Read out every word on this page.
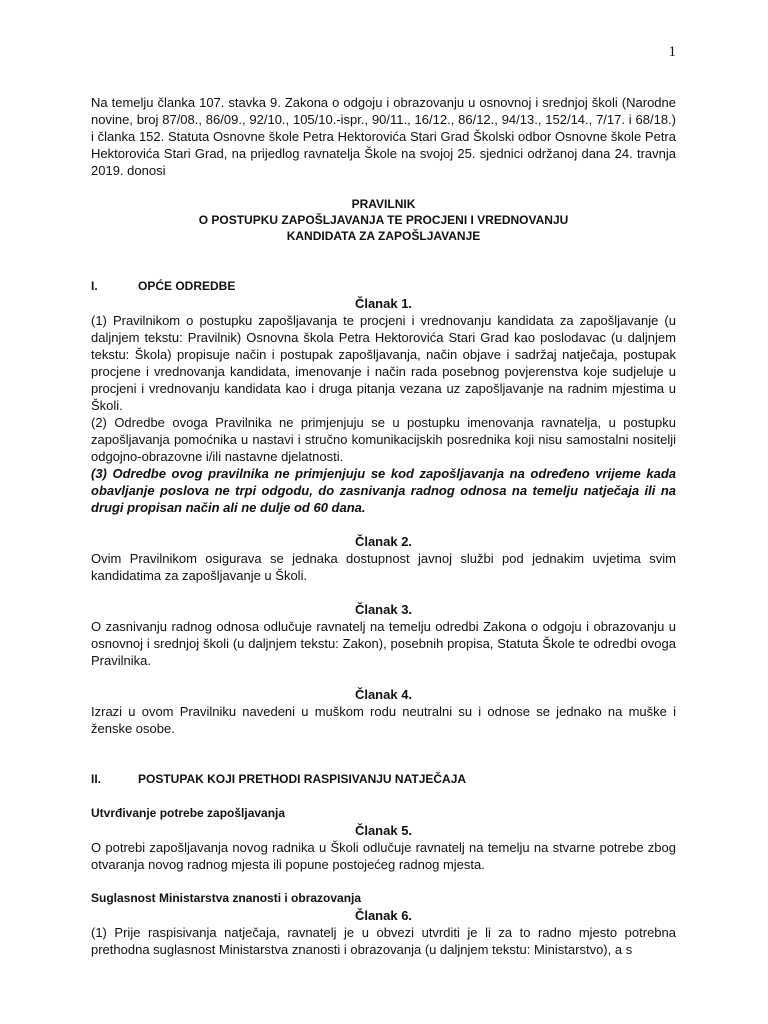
1

Na temelju članka 107. stavka 9. Zakona o odgoju i obrazovanju u osnovnoj i srednjoj školi (Narodne novine, broj 87/08., 86/09., 92/10., 105/10.-ispr., 90/11., 16/12., 86/12., 94/13., 152/14., 7/17. i 68/18.) i članka 152. Statuta Osnovne škole Petra Hektorovića Stari Grad Školski odbor Osnovne škole Petra Hektorovića Stari Grad, na prijedlog ravnatelja Škole na svojoj 25. sjednici održanoj dana 24. travnja 2019. donosi

PRAVILNIK
O POSTUPKU ZAPOŠLJAVANJA TE PROCJENI I VREDNOVANJU
KANDIDATA ZA ZAPOŠLJAVANJE
I.	OPĆE ODREDBE
Članak 1.

(1) Pravilnikom o postupku zapošljavanja te procjeni i vrednovanju kandidata za zapošljavanje (u daljnjem tekstu: Pravilnik) Osnovna škola Petra Hektorovića Stari Grad kao poslodavac (u daljnjem tekstu: Škola) propisuje način i postupak zapošljavanja, način objave i sadržaj natječaja, postupak procjene i vrednovanja kandidata, imenovanje i način rada posebnog povjerenstva koje sudjeluje u procjeni i vrednovanju kandidata kao i druga pitanja vezana uz zapošljavanje na radnim mjestima u Školi.

(2) Odredbe ovoga Pravilnika ne primjenjuju se u postupku imenovanja ravnatelja, u postupku zapošljavanja pomoćnika u nastavi i stručno komunikacijskih posrednika koji nisu samostalni nositelji odgojno-obrazovne i/ili nastavne djelatnosti.

(3) Odredbe ovog pravilnika ne primjenjuju se kod zapošljavanja na određeno vrijeme kada obavljanje poslova ne trpi odgodu, do zasnivanja radnog odnosa na temelju natječaja ili na drugi propisan način ali ne dulje od 60 dana.

Članak 2.

Ovim Pravilnikom osigurava se jednaka dostupnost javnoj službi pod jednakim uvjetima svim kandidatima za zapošljavanje u Školi.

Članak 3.

O zasnivanju radnog odnosa odlučuje ravnatelj na temelju odredbi Zakona o odgoju i obrazovanju u osnovnoj i srednjoj školi (u daljnjem tekstu: Zakon), posebnih propisa, Statuta Škole te odredbi ovoga Pravilnika.

Članak 4.

Izrazi u ovom Pravilniku navedeni u muškom rodu neutralni su i odnose se jednako na muške i ženske osobe.

II.	POSTUPAK KOJI PRETHODI RASPISIVANJU NATJEČAJA
Utvrđivanje potrebe zapošljavanja
Članak 5.

O potrebi zapošljavanja novog radnika u Školi odlučuje ravnatelj na temelju na stvarne potrebe zbog otvaranja novog radnog mjesta ili popune postojećeg radnog mjesta.

Suglasnost Ministarstva znanosti i obrazovanja
Članak 6.

(1) Prije raspisivanja natječaja, ravnatelj je u obvezi utvrditi je li za to radno mjesto potrebna prethodna suglasnost Ministarstva znanosti i obrazovanja (u daljnjem tekstu: Ministarstvo), a s
